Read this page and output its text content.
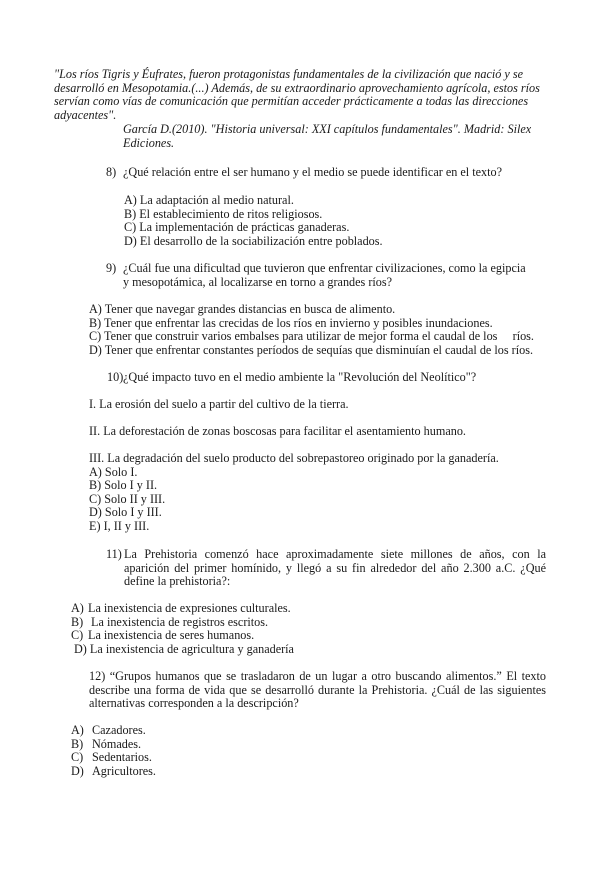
"Los ríos Tigris y Éufrates, fueron protagonistas fundamentales de la civilización que nació y se desarrolló en Mesopotamia.(...) Además, de su extraordinario aprovechamiento agrícola, estos ríos servían como vías de comunicación que permitían acceder prácticamente a todas las direcciones adyacentes".
García D.(2010). "Historia universal: XXI capítulos fundamentales". Madrid: Silex Ediciones.
8) ¿Qué relación entre el ser humano y el medio se puede identificar en el texto?
A) La adaptación al medio natural.
B) El establecimiento de ritos religiosos.
C) La implementación de prácticas ganaderas.
D) El desarrollo de la sociabilización entre poblados.
9) ¿Cuál fue una dificultad que tuvieron que enfrentar civilizaciones, como la egipcia y mesopotámica, al localizarse en torno a grandes ríos?
A) Tener que navegar grandes distancias en busca de alimento.
B) Tener que enfrentar las crecidas de los ríos en invierno y posibles inundaciones.
C) Tener que construir varios embalses para utilizar de mejor forma el caudal de los     ríos.
D) Tener que enfrentar constantes períodos de sequías que disminuían el caudal de los ríos.
10) ¿Qué impacto tuvo en el medio ambiente la "Revolución del Neolítico"?
I. La erosión del suelo a partir del cultivo de la tierra.
II. La deforestación de zonas boscosas para facilitar el asentamiento humano.
III. La degradación del suelo producto del sobrepastoreo originado por la ganadería.
A) Solo I.
B) Solo I y II.
C) Solo II y III.
D) Solo I y III.
E) I, II y III.
11) La Prehistoria comenzó hace aproximadamente siete millones de años, con la aparición del primer homínido, y llegó a su fin alrededor del año 2.300 a.C. ¿Qué define la prehistoria?:
A) La inexistencia de expresiones culturales.
B) La inexistencia de registros escritos.
C) La inexistencia de seres humanos.
D) La inexistencia de agricultura y ganadería
12) “Grupos humanos que se trasladaron de un lugar a otro buscando alimentos.” El texto describe una forma de vida que se desarrolló durante la Prehistoria. ¿Cuál de las siguientes alternativas corresponden a la descripción?
A) Cazadores.
B) Nómades.
C) Sedentarios.
D) Agricultores.
